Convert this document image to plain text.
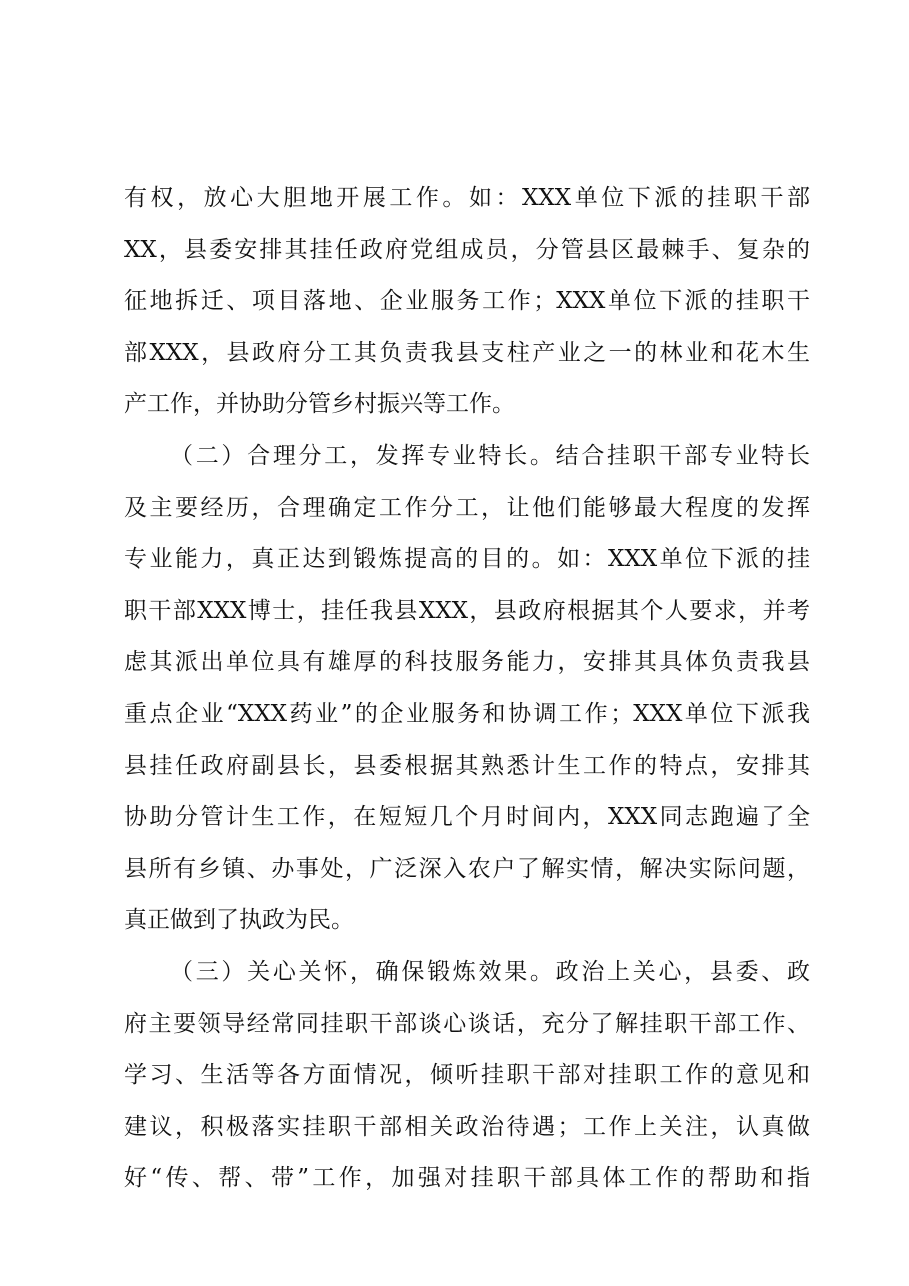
有权，放心大胆地开展工作。如：XXX单位下派的挂职干部
XX，县委安排其挂任政府党组成员，分管县区最棘手、复杂的
征地拆迁、项目落地、企业服务工作；XXX单位下派的挂职干
部XXX，县政府分工其负责我县支柱产业之一的林业和花木生
产工作，并协助分管乡村振兴等工作。
（二）合理分工，发挥专业特长。结合挂职干部专业特长
及主要经历，合理确定工作分工，让他们能够最大程度的发挥
专业能力，真正达到锻炼提高的目的。如：XXX单位下派的挂
职干部XXX博士，挂任我县XXX，县政府根据其个人要求，并考
虑其派出单位具有雄厚的科技服务能力，安排其具体负责我县
重点企业“XXX药业”的企业服务和协调工作；XXX单位下派我
县挂任政府副县长，县委根据其熟悉计生工作的特点，安排其
协助分管计生工作，在短短几个月时间内，XXX同志跑遍了全
县所有乡镇、办事处，广泛深入农户了解实情，解决实际问题，
真正做到了执政为民。
（三）关心关怀，确保锻炼效果。政治上关心，县委、政
府主要领导经常同挂职干部谈心谈话，充分了解挂职干部工作、
学习、生活等各方面情况，倾听挂职干部对挂职工作的意见和
建议，积极落实挂职干部相关政治待遇；工作上关注，认真做
好“传、帮、带”工作，加强对挂职干部具体工作的帮助和指
